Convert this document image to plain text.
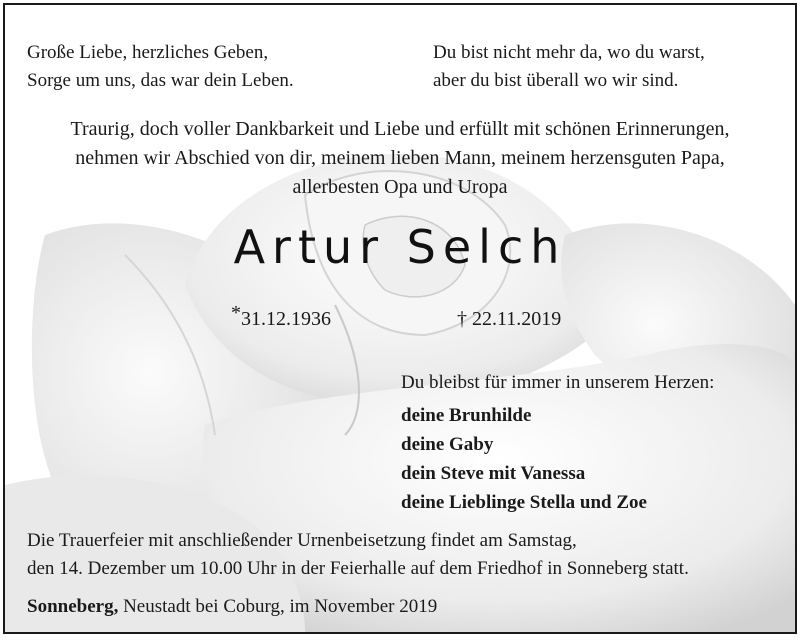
Große Liebe, herzliches Geben,
Sorge um uns, das war dein Leben.
Du bist nicht mehr da, wo du warst,
aber du bist überall wo wir sind.
Traurig, doch voller Dankbarkeit und Liebe und erfüllt mit schönen Erinnerungen,
nehmen wir Abschied von dir, meinem lieben Mann, meinem herzensguten Papa,
allerbesten Opa und Uropa
Artur Selch
*31.12.1936	† 22.11.2019
Du bleibst für immer in unserem Herzen:
deine Brunhilde
deine Gaby
dein Steve mit Vanessa
deine Lieblinge Stella und Zoe
Die Trauerfeier mit anschließender Urnenbeisetzung findet am Samstag,
den 14. Dezember um 10.00 Uhr in der Feierhalle auf dem Friedhof in Sonneberg statt.
Sonneberg, Neustadt bei Coburg, im November 2019
